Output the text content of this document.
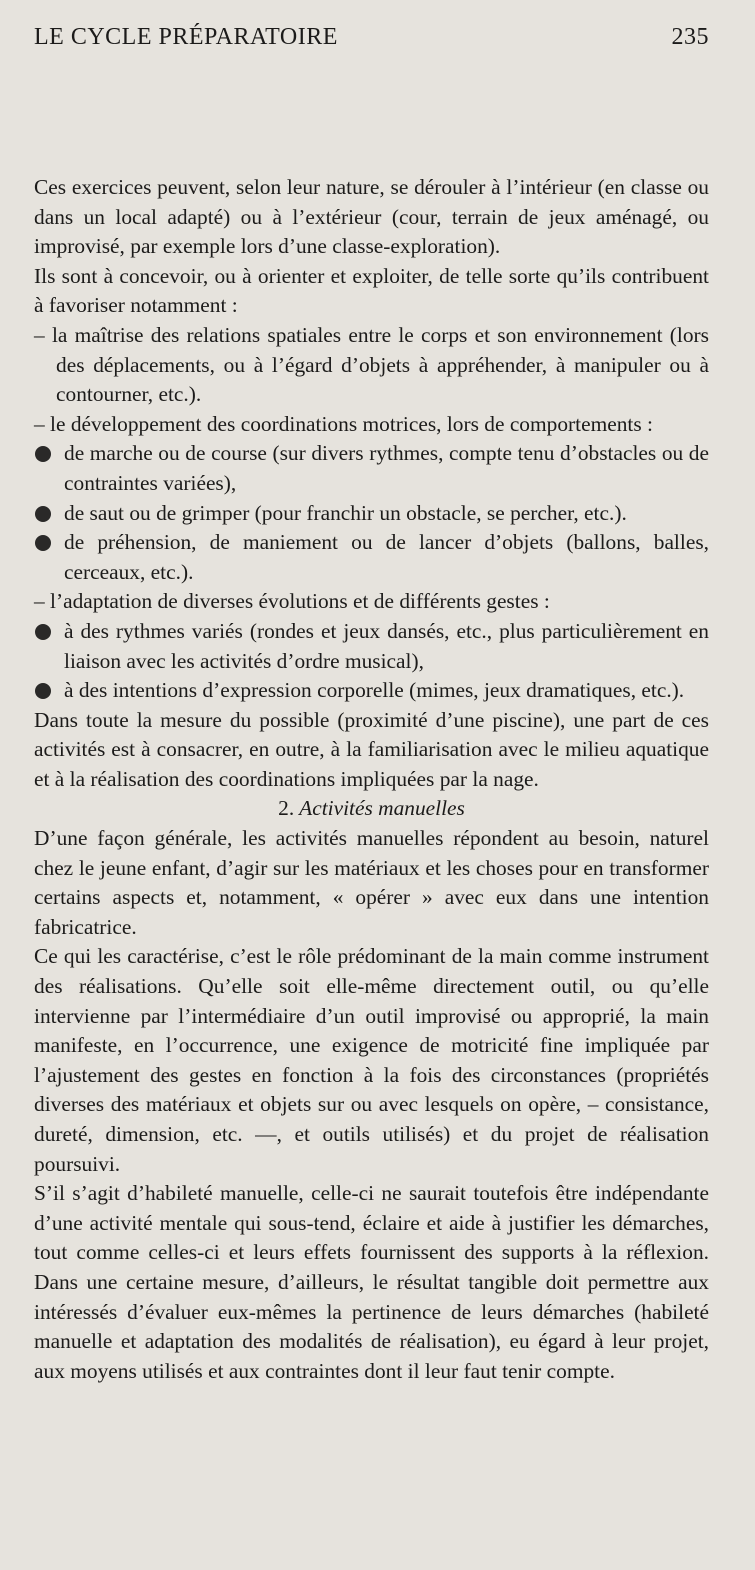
LE CYCLE PRÉPARATOIRE	235

Ces exercices peuvent, selon leur nature, se dérouler à l’intérieur (en classe ou dans un local adapté) ou à l’extérieur (cour, terrain de jeux aménagé, ou improvisé, par exemple lors d’une classe-exploration).

Ils sont à concevoir, ou à orienter et exploiter, de telle sorte qu’ils contribuent à favoriser notamment :

– la maîtrise des relations spatiales entre le corps et son environnement (lors des déplacements, ou à l’égard d’objets à appréhender, à manipuler ou à contourner, etc.).

– le développement des coordinations motrices, lors de comportements :

de marche ou de course (sur divers rythmes, compte tenu d’obstacles ou de contraintes variées),

de saut ou de grimper (pour franchir un obstacle, se percher, etc.).

de préhension, de maniement ou de lancer d’objets (ballons, balles, cerceaux, etc.).

– l’adaptation de diverses évolutions et de différents gestes :

à des rythmes variés (rondes et jeux dansés, etc., plus particulièrement en liaison avec les activités d’ordre musical),

à des intentions d’expression corporelle (mimes, jeux dramatiques, etc.).

Dans toute la mesure du possible (proximité d’une piscine), une part de ces activités est à consacrer, en outre, à la familiarisation avec le milieu aquatique et à la réalisation des coordinations impliquées par la nage.

2. Activités manuelles

D’une façon générale, les activités manuelles répondent au besoin, naturel chez le jeune enfant, d’agir sur les matériaux et les choses pour en transformer certains aspects et, notamment, « opérer » avec eux dans une intention fabricatrice.

Ce qui les caractérise, c’est le rôle prédominant de la main comme instrument des réalisations. Qu’elle soit elle-même directement outil, ou qu’elle intervienne par l’intermédiaire d’un outil improvisé ou approprié, la main manifeste, en l’occurrence, une exigence de motricité fine impliquée par l’ajustement des gestes en fonction à la fois des circonstances (propriétés diverses des matériaux et objets sur ou avec lesquels on opère, – consistance, dureté, dimension, etc. —, et outils utilisés) et du projet de réalisation poursuivi.

S’il s’agit d’habileté manuelle, celle-ci ne saurait toutefois être indépendante d’une activité mentale qui sous-tend, éclaire et aide à justifier les démarches, tout comme celles-ci et leurs effets fournissent des supports à la réflexion. Dans une certaine mesure, d’ailleurs, le résultat tangible doit permettre aux intéressés d’évaluer eux-mêmes la pertinence de leurs démarches (habileté manuelle et adaptation des modalités de réalisation), eu égard à leur projet, aux moyens utilisés et aux contraintes dont il leur faut tenir compte.
